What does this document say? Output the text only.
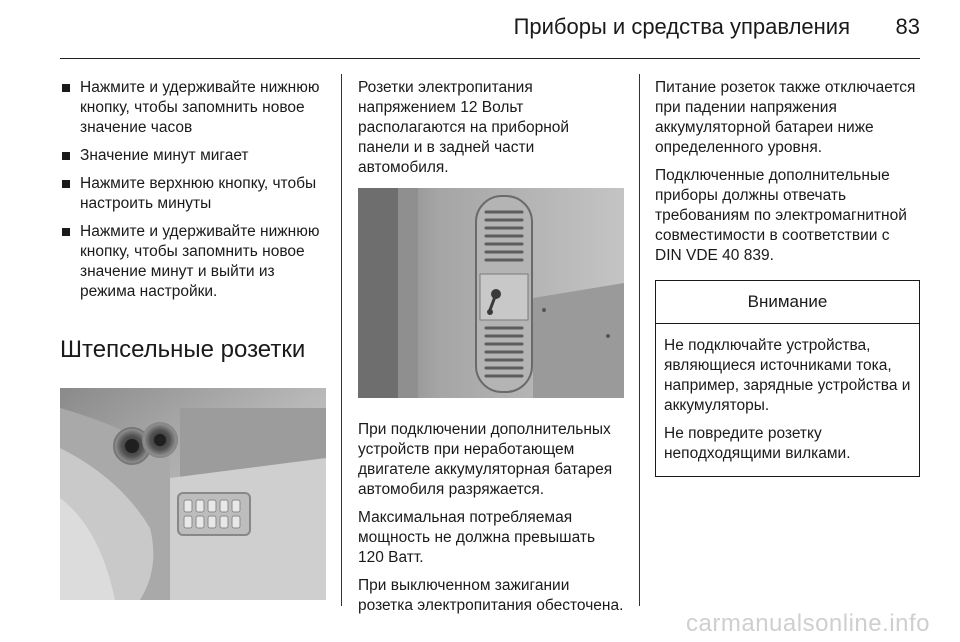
Приборы и средства управления 83
Нажмите и удерживайте нижнюю кнопку, чтобы запомнить новое значение часов
Значение минут мигает
Нажмите верхнюю кнопку, чтобы настроить минуты
Нажмите и удерживайте нижнюю кнопку, чтобы запомнить новое значение минут и выйти из режима настройки.
Штепсельные розетки

Розетки электропитания напряжением 12 Вольт располагаются на приборной панели и в задней части автомобиля.

При подключении дополнительных устройств при неработающем двигателе аккумуляторная батарея автомобиля разряжается.

Максимальная потребляемая мощность не должна превышать 120 Ватт.

При выключенном зажигании розетка электропитания обесточена.

Питание розеток также отключается при падении напряжения аккумуляторной батареи ниже определенного уровня.

Подключенные дополнительные приборы должны отвечать требованиям по электромагнитной совместимости в соответствии с DIN VDE 40 839.

Внимание

Не подключайте устройства, являющиеся источниками тока, например, зарядные устройства и аккумуляторы.

Не повредите розетку неподходящими вилками.

carmanualsonline.info
